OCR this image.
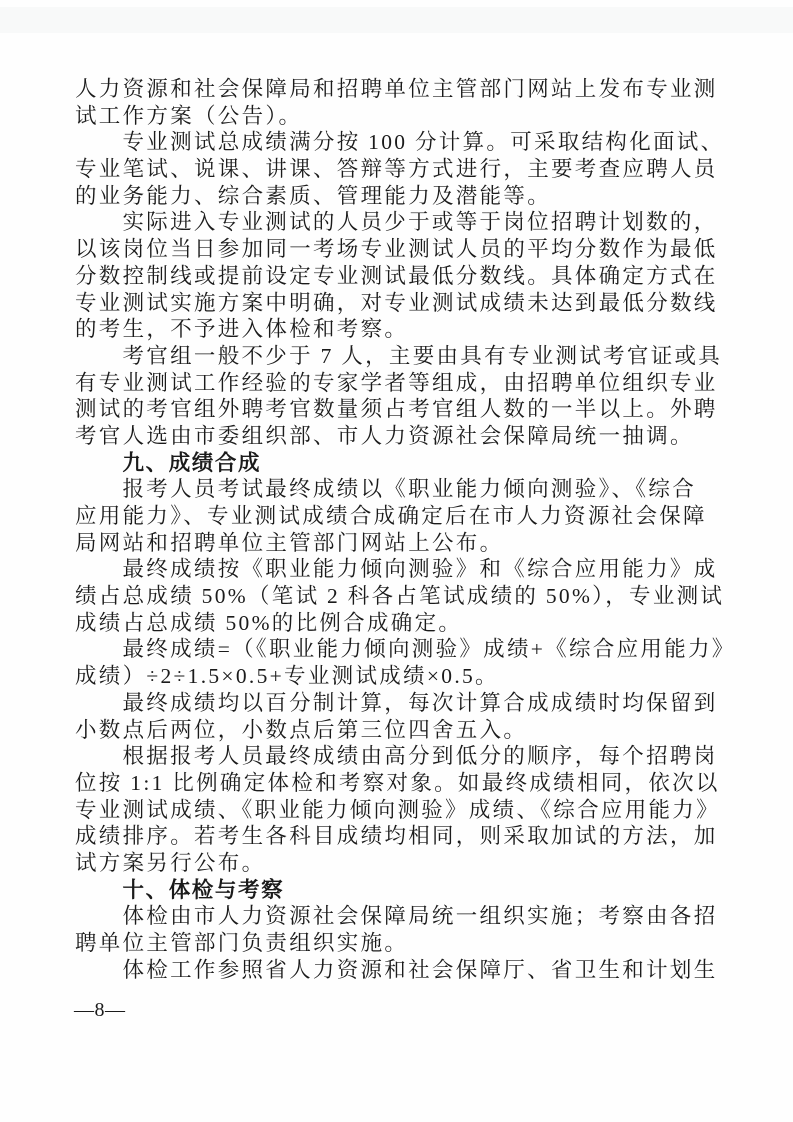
人力资源和社会保障局和招聘单位主管部门网站上发布专业测
试工作方案（公告）。
专业测试总成绩满分按 100 分计算。可采取结构化面试、
专业笔试、说课、讲课、答辩等方式进行，主要考查应聘人员
的业务能力、综合素质、管理能力及潜能等。
实际进入专业测试的人员少于或等于岗位招聘计划数的，
以该岗位当日参加同一考场专业测试人员的平均分数作为最低
分数控制线或提前设定专业测试最低分数线。具体确定方式在
专业测试实施方案中明确，对专业测试成绩未达到最低分数线
的考生，不予进入体检和考察。
考官组一般不少于 7 人，主要由具有专业测试考官证或具
有专业测试工作经验的专家学者等组成，由招聘单位组织专业
测试的考官组外聘考官数量须占考官组人数的一半以上。外聘
考官人选由市委组织部、市人力资源社会保障局统一抽调。
九、成绩合成
报考人员考试最终成绩以《职业能力倾向测验》、《综合
应用能力》、专业测试成绩合成确定后在市人力资源社会保障
局网站和招聘单位主管部门网站上公布。
最终成绩按《职业能力倾向测验》和《综合应用能力》成
绩占总成绩 50%（笔试 2 科各占笔试成绩的 50%），专业测试
成绩占总成绩 50%的比例合成确定。
最终成绩=（《职业能力倾向测验》成绩+《综合应用能力》
成绩）÷2÷1.5×0.5+专业测试成绩×0.5。
最终成绩均以百分制计算，每次计算合成成绩时均保留到
小数点后两位，小数点后第三位四舍五入。
根据报考人员最终成绩由高分到低分的顺序，每个招聘岗
位按 1:1 比例确定体检和考察对象。如最终成绩相同，依次以
专业测试成绩、《职业能力倾向测验》成绩、《综合应用能力》
成绩排序。若考生各科目成绩均相同，则采取加试的方法，加
试方案另行公布。
十、体检与考察
体检由市人力资源社会保障局统一组织实施；考察由各招
聘单位主管部门负责组织实施。
体检工作参照省人力资源和社会保障厅、省卫生和计划生
—8—
